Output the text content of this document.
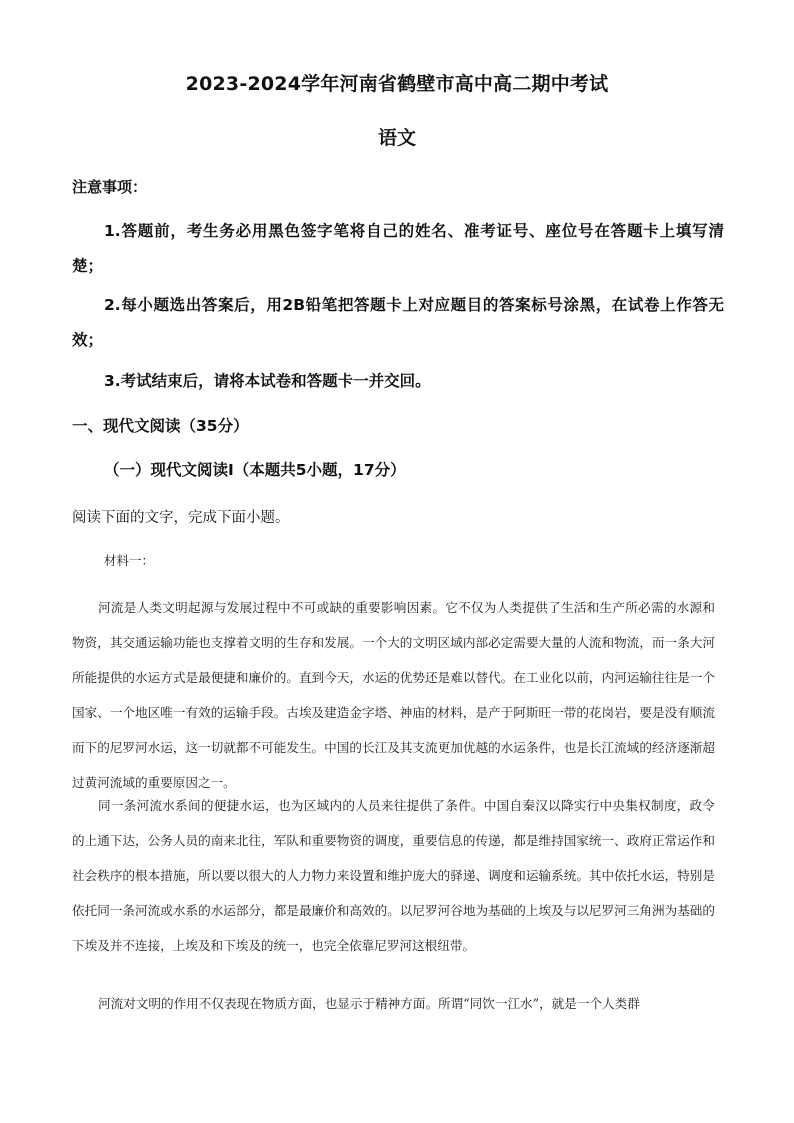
2023-2024学年河南省鹤壁市高中高二期中考试
语文
注意事项：
1.答题前，考生务必用黑色签字笔将自己的姓名、准考证号、座位号在答题卡上填写清楚；
2.每小题选出答案后，用2B铅笔把答题卡上对应题目的答案标号涂黑，在试卷上作答无效；
3.考试结束后，请将本试卷和答题卡一并交回。
一、现代文阅读（35分）
（一）现代文阅读Ⅰ（本题共5小题，17分）
阅读下面的文字，完成下面小题。
材料一：
河流是人类文明起源与发展过程中不可或缺的重要影响因素。它不仅为人类提供了生活和生产所必需的水源和物资，其交通运输功能也支撑着文明的生存和发展。一个大的文明区域内部必定需要大量的人流和物流，而一条大河所能提供的水运方式是最便捷和廉价的。直到今天，水运的优势还是难以替代。在工业化以前，内河运输往往是一个国家、一个地区唯一有效的运输手段。古埃及建造金字塔、神庙的材料，是产于阿斯旺一带的花岗岩，要是没有顺流而下的尼罗河水运，这一切就都不可能发生。中国的长江及其支流更加优越的水运条件，也是长江流域的经济逐渐超过黄河流域的重要原因之一。
同一条河流水系间的便捷水运，也为区域内的人员来往提供了条件。中国自秦汉以降实行中央集权制度，政令的上通下达，公务人员的南来北往，军队和重要物资的调度，重要信息的传递，都是维持国家统一、政府正常运作和社会秩序的根本措施，所以要以很大的人力物力来设置和维护庞大的驿递、调度和运输系统。其中依托水运，特别是依托同一条河流或水系的水运部分，都是最廉价和高效的。以尼罗河谷地为基础的上埃及与以尼罗河三角洲为基础的下埃及并不连接，上埃及和下埃及的统一，也完全依靠尼罗河这根纽带。
河流对文明的作用不仅表现在物质方面，也显示于精神方面。所谓“同饮一江水”，就是一个人类群
